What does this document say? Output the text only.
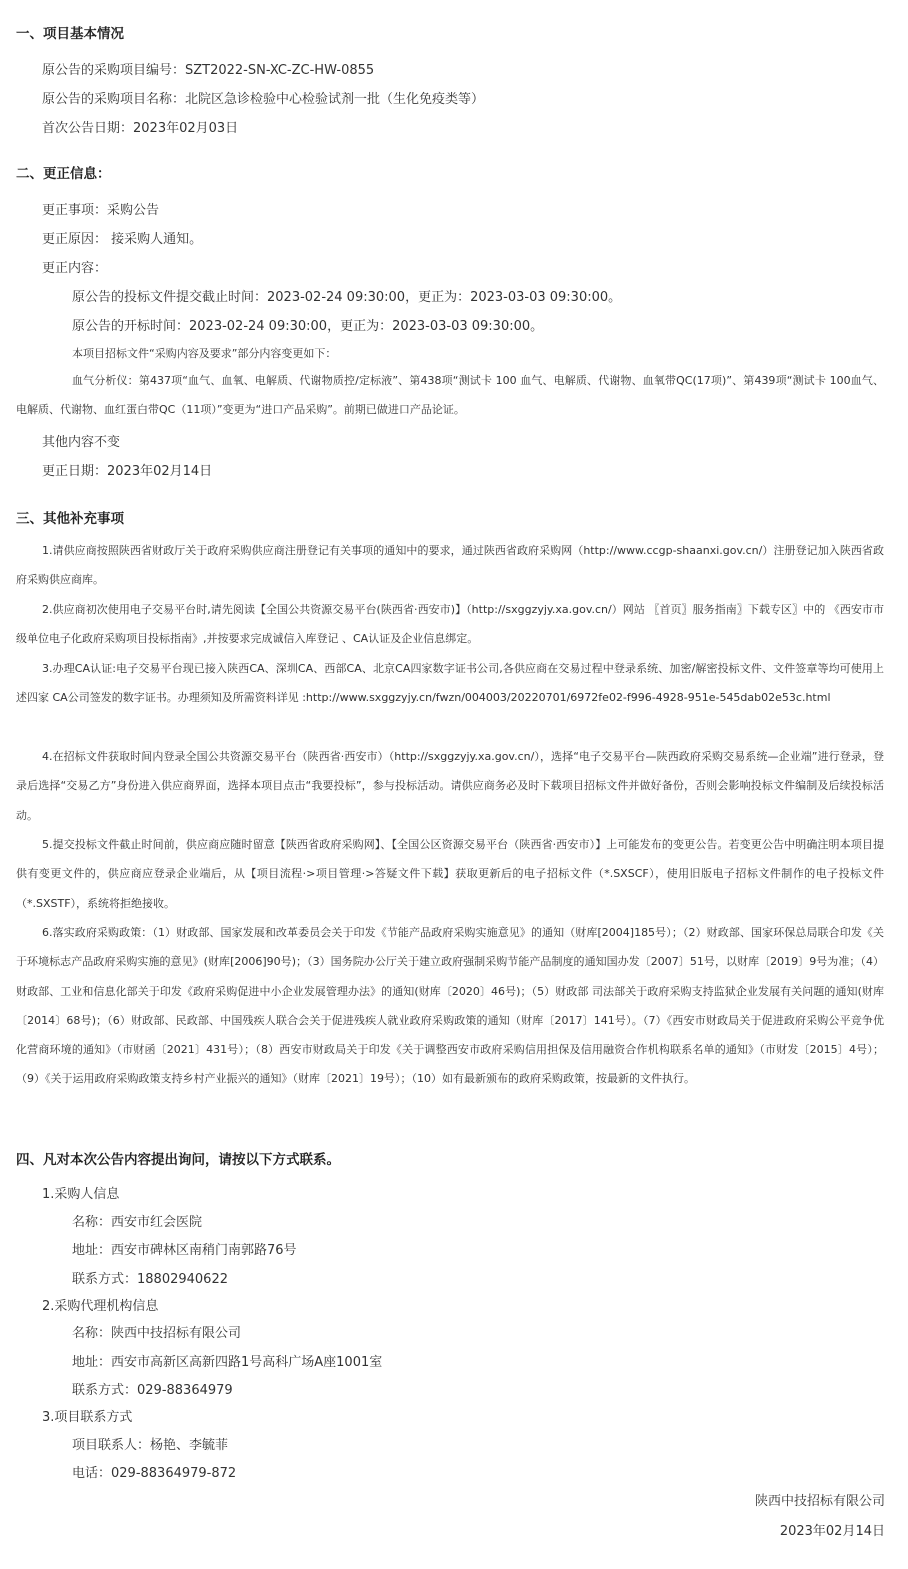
一、项目基本情况
原公告的采购项目编号：SZT2022-SN-XC-ZC-HW-0855
原公告的采购项目名称：北院区急诊检验中心检验试剂一批（生化免疫类等）
首次公告日期：2023年02月03日
二、更正信息：
更正事项：采购公告
更正原因： 接采购人通知。
更正内容：
原公告的投标文件提交截止时间：2023-02-24 09:30:00，更正为：2023-03-03 09:30:00。
原公告的开标时间：2023-02-24 09:30:00，更正为：2023-03-03 09:30:00。
本项目招标文件“采购内容及要求”部分内容变更如下：
血气分析仪：第437项“血气、血氧、电解质、代谢物质控/定标液”、第438项“测试卡 100 血气、电解质、代谢物、血氧带QC(17项)”、第439项“测试卡 100血气、电解质、代谢物、血红蛋白带QC（11项）”变更为“进口产品采购”。前期已做进口产品论证。
其他内容不变
更正日期：2023年02月14日
三、其他补充事项
1.请供应商按照陕西省财政厅关于政府采购供应商注册登记有关事项的通知中的要求，通过陕西省政府采购网（http://www.ccgp-shaanxi.gov.cn/）注册登记加入陕西省政府采购供应商库。
2.供应商初次使用电子交易平台时,请先阅读【全国公共资源交易平台(陕西省·西安市)】（http://sxggzyjy.xa.gov.cn/）网站 〖首页〗服务指南〗下载专区〗中的 《西安市市级单位电子化政府采购项目投标指南》,并按要求完成诚信入库登记 、CA认证及企业信息绑定。
3.办理CA认证:电子交易平台现已接入陕西CA、深圳CA、西部CA、北京CA四家数字证书公司,各供应商在交易过程中登录系统、加密/解密投标文件、文件签章等均可使用上述四家 CA公司签发的数字证书。办理须知及所需资料详见 :http://www.sxggzyjy.cn/fwzn/004003/20220701/6972fe02-f996-4928-951e-545dab02e53c.html
4.在招标文件获取时间内登录全国公共资源交易平台（陕西省·西安市）（http://sxggzyjy.xa.gov.cn/），选择“电子交易平台—陕西政府采购交易系统—企业端”进行登录，登录后选择“交易乙方”身份进入供应商界面，选择本项目点击“我要投标”，参与投标活动。请供应商务必及时下载项目招标文件并做好备份，否则会影响投标文件编制及后续投标活动。
5.提交投标文件截止时间前，供应商应随时留意【陕西省政府采购网】、【全国公区资源交易平台（陕西省·西安市）】上可能发布的变更公告。若变更公告中明确注明本项目提供有变更文件的，供应商应登录企业端后，从【项目流程·>项目管理·>答疑文件下载】获取更新后的电子招标文件（*.SXSCF），使用旧版电子招标文件制作的电子投标文件（*.SXSTF），系统将拒绝接收。
6.落实政府采购政策：（1）财政部、国家发展和改革委员会关于印发《节能产品政府采购实施意见》的通知（财库[2004]185号）；（2）财政部、国家环保总局联合印发《关于环境标志产品政府采购实施的意见》(财库[2006]90号)；（3）国务院办公厅关于建立政府强制采购节能产品制度的通知国办发〔2007〕51号，以财库〔2019〕9号为准；（4）财政部、工业和信息化部关于印发《政府采购促进中小企业发展管理办法》的通知(财库〔2020〕46号)；（5）财政部 司法部关于政府采购支持监狱企业发展有关问题的通知(财库〔2014〕68号)；（6）财政部、民政部、中国残疾人联合会关于促进残疾人就业政府采购政策的通知（财库〔2017〕141号）。（7）《西安市财政局关于促进政府采购公平竞争优化营商环境的通知》（市财函〔2021〕431号）；（8）西安市财政局关于印发《关于调整西安市政府采购信用担保及信用融资合作机构联系名单的通知》（市财发〔2015〕4号）；（9）《关于运用政府采购政策支持乡村产业振兴的通知》（财库〔2021〕19号）；（10）如有最新颁布的政府采购政策，按最新的文件执行。
四、凡对本次公告内容提出询问，请按以下方式联系。
1.采购人信息
名称：西安市红会医院
地址：西安市碑林区南稍门南郭路76号
联系方式：18802940622
2.采购代理机构信息
名称：陕西中技招标有限公司
地址：西安市高新区高新四路1号高科广场A座1001室
联系方式：029-88364979
3.项目联系方式
项目联系人：杨艳、李毓菲
电话：029-88364979-872
陕西中技招标有限公司
2023年02月14日
